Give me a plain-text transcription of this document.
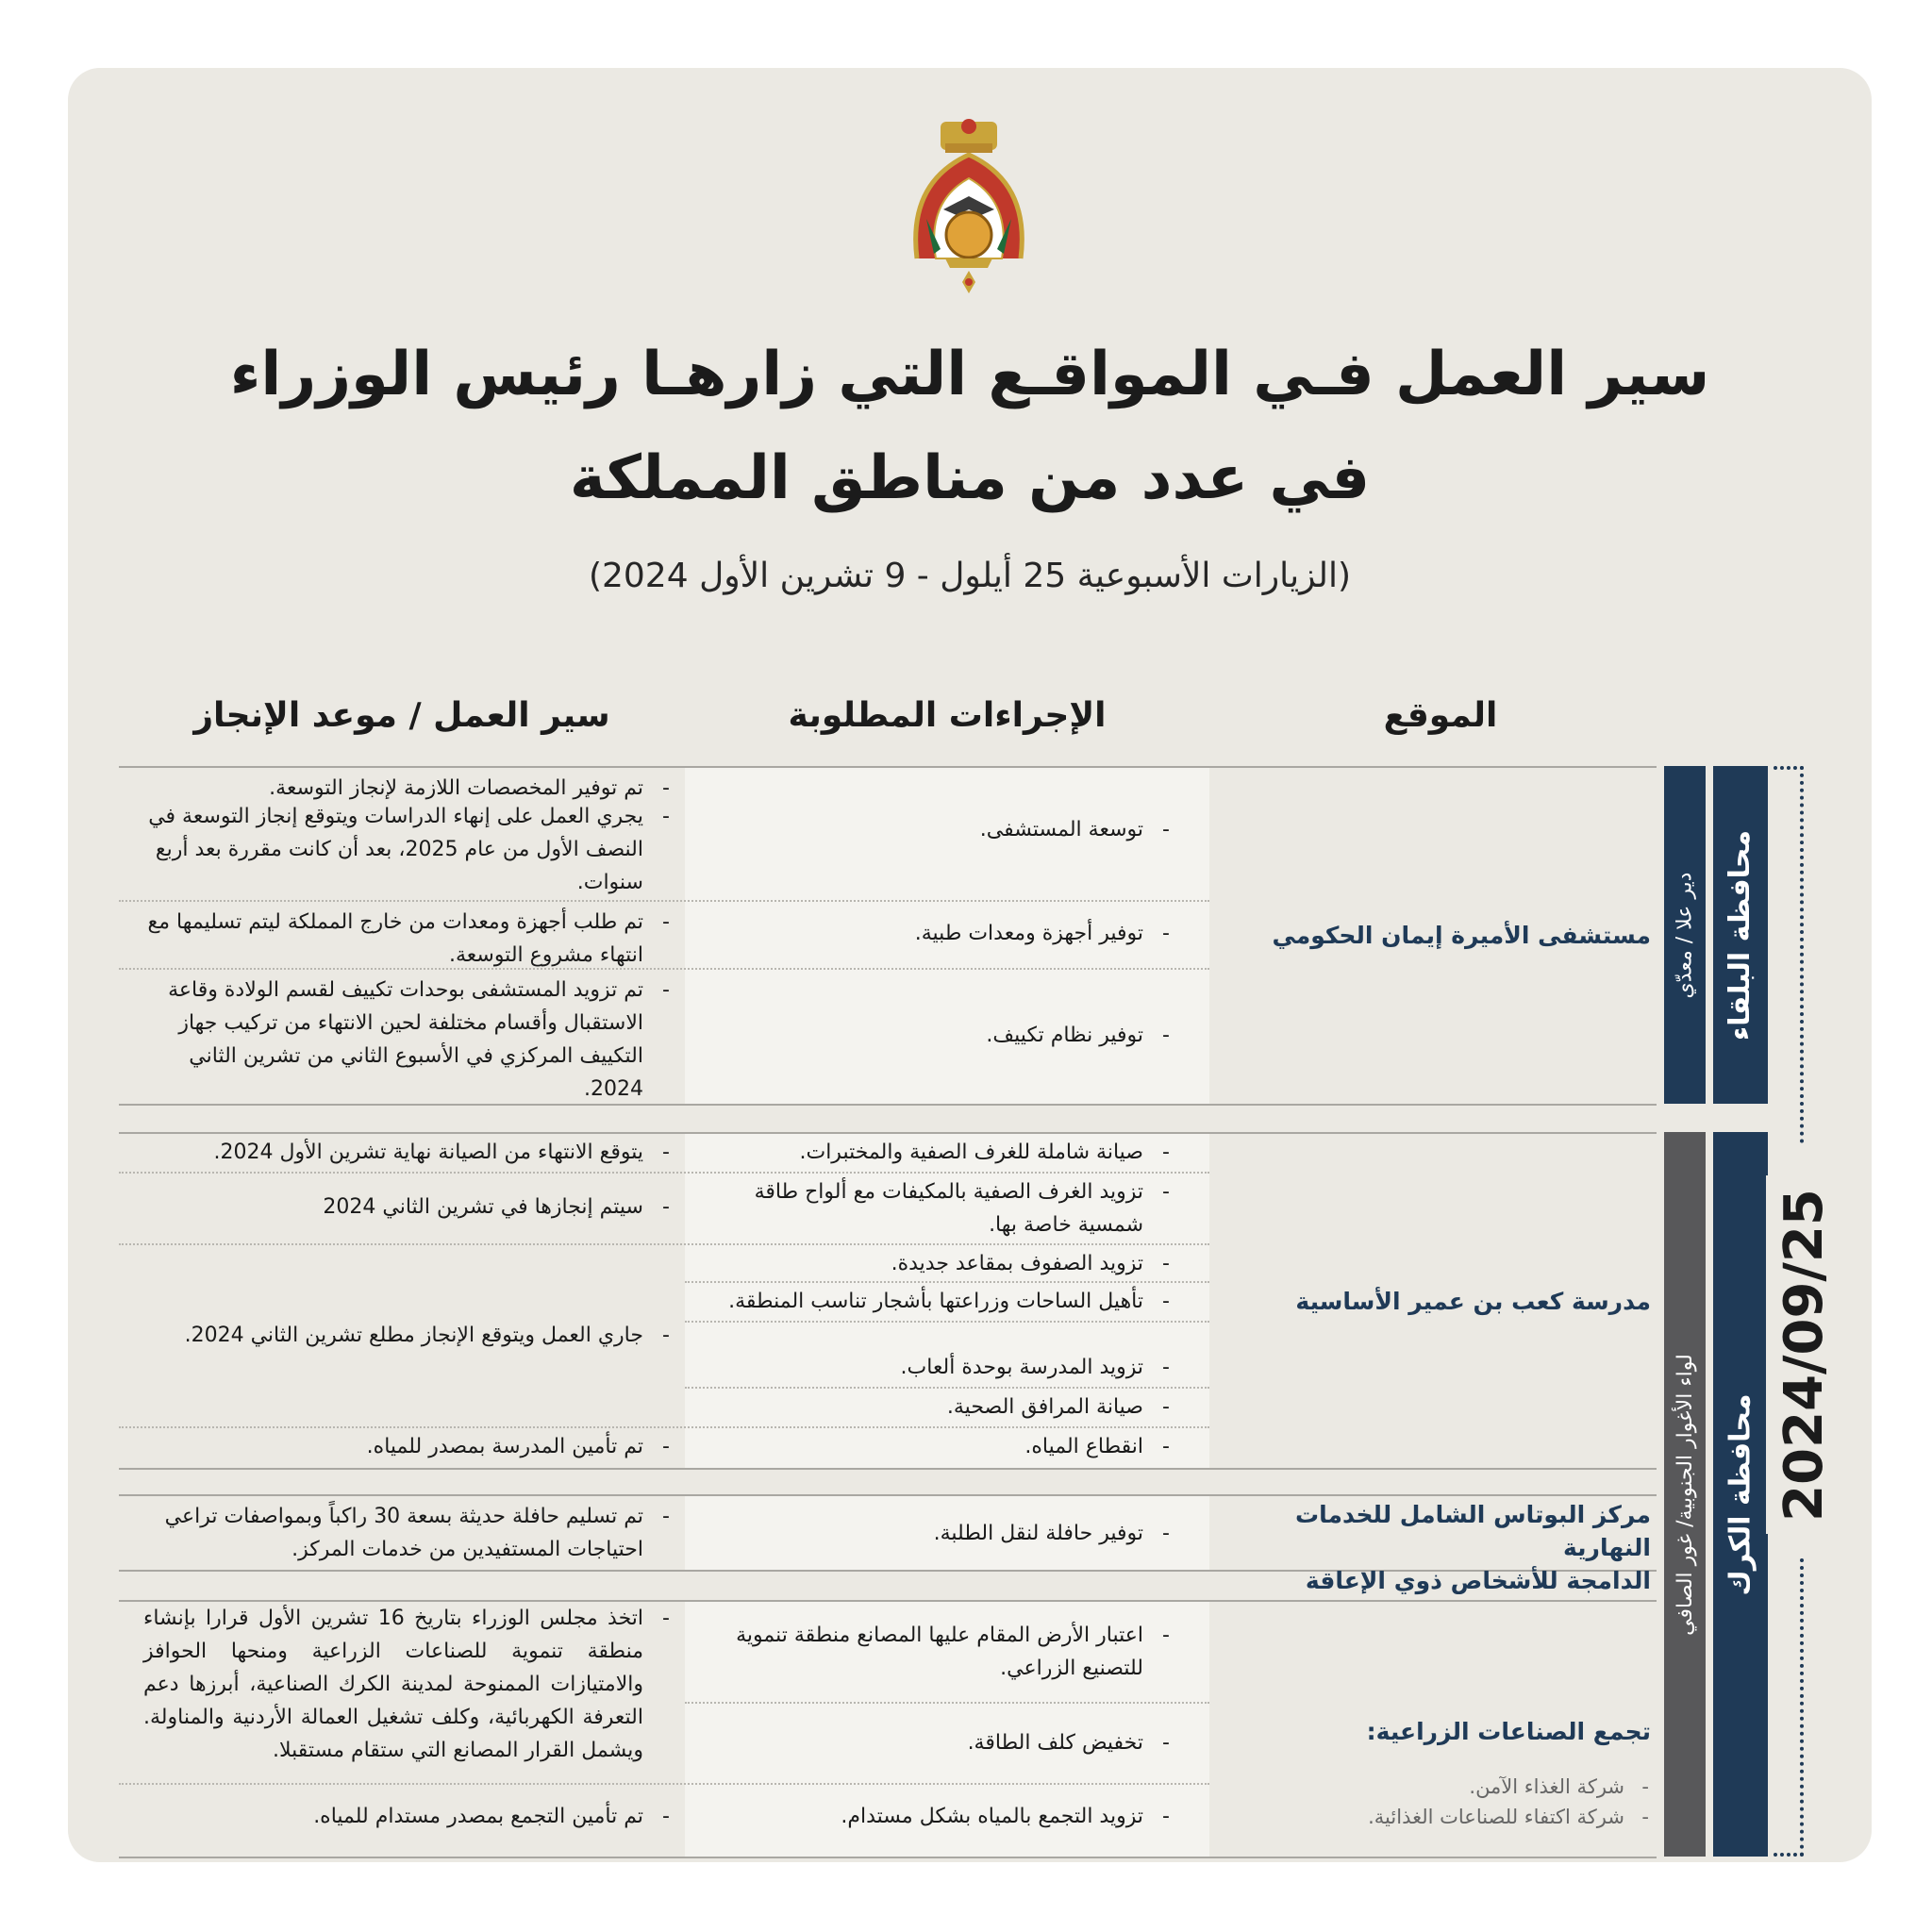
سير العمل فـي المواقـع التي زارهـا رئيس الوزراء
في عدد من مناطق المملكة
(الزيارات الأسبوعية 25 أيلول - 9 تشرين الأول 2024)
الموقع
الإجراءات المطلوبة
سير العمل / موعد الإنجاز
محافظة البلقاء
دير علا / معدّي
محافظة الكرك
لواء الأغوار الجنوبية/ غور الصافي 2024/09/25
مستشفى الأميرة إيمان الحكومي
-
توسعة المستشفى.
-
توفير أجهزة ومعدات طبية.
-
توفير نظام تكييف.
-
تم توفير المخصصات اللازمة لإنجاز التوسعة.
-
يجري العمل على إنهاء الدراسات ويتوقع إنجاز التوسعة في النصف الأول من عام 2025، بعد أن كانت مقررة بعد أربع سنوات.
-
تم طلب أجهزة ومعدات من خارج المملكة ليتم تسليمها مع انتهاء مشروع التوسعة.
-
تم تزويد المستشفى بوحدات تكييف لقسم الولادة وقاعة الاستقبال وأقسام مختلفة لحين الانتهاء من تركيب جهاز التكييف المركزي في الأسبوع الثاني من تشرين الثاني 2024.
مدرسة كعب بن عمير الأساسية
-
صيانة شاملة للغرف الصفية والمختبرات.
-
تزويد الغرف الصفية بالمكيفات مع ألواح طاقة شمسية خاصة بها.
-
تزويد الصفوف بمقاعد جديدة.
-
تأهيل الساحات وزراعتها بأشجار تناسب المنطقة.
-
تزويد المدرسة بوحدة ألعاب.
-
صيانة المرافق الصحية.
-
انقطاع المياه.
-
يتوقع الانتهاء من الصيانة نهاية تشرين الأول 2024.
-
سيتم إنجازها في تشرين الثاني 2024
-
جاري العمل ويتوقع الإنجاز مطلع تشرين الثاني 2024.
-
تم تأمين المدرسة بمصدر للمياه.
مركز البوتاس الشامل للخدمات النهارية
الدامجة للأشخاص ذوي الإعاقة
-
توفير حافلة لنقل الطلبة.
-
تم تسليم حافلة حديثة بسعة 30 راكباً وبمواصفات تراعي احتياجات المستفيدين من خدمات المركز.
تجمع الصناعات الزراعية:
-
شركة الغذاء الآمن.
-
شركة اكتفاء للصناعات الغذائية.
-
اعتبار الأرض المقام عليها المصانع منطقة تنموية للتصنيع الزراعي.
-
تخفيض كلف الطاقة.
-
تزويد التجمع بالمياه بشكل مستدام.
-
اتخذ مجلس الوزراء بتاريخ 16 تشرين الأول قرارا بإنشاء منطقة تنموية للصناعات الزراعية ومنحها الحوافز والامتيازات الممنوحة لمدينة الكرك الصناعية، أبرزها دعم التعرفة الكهربائية، وكلف تشغيل العمالة الأردنية والمناولة. ويشمل القرار المصانع التي ستقام مستقبلا.
-
تم تأمين التجمع بمصدر مستدام للمياه.
